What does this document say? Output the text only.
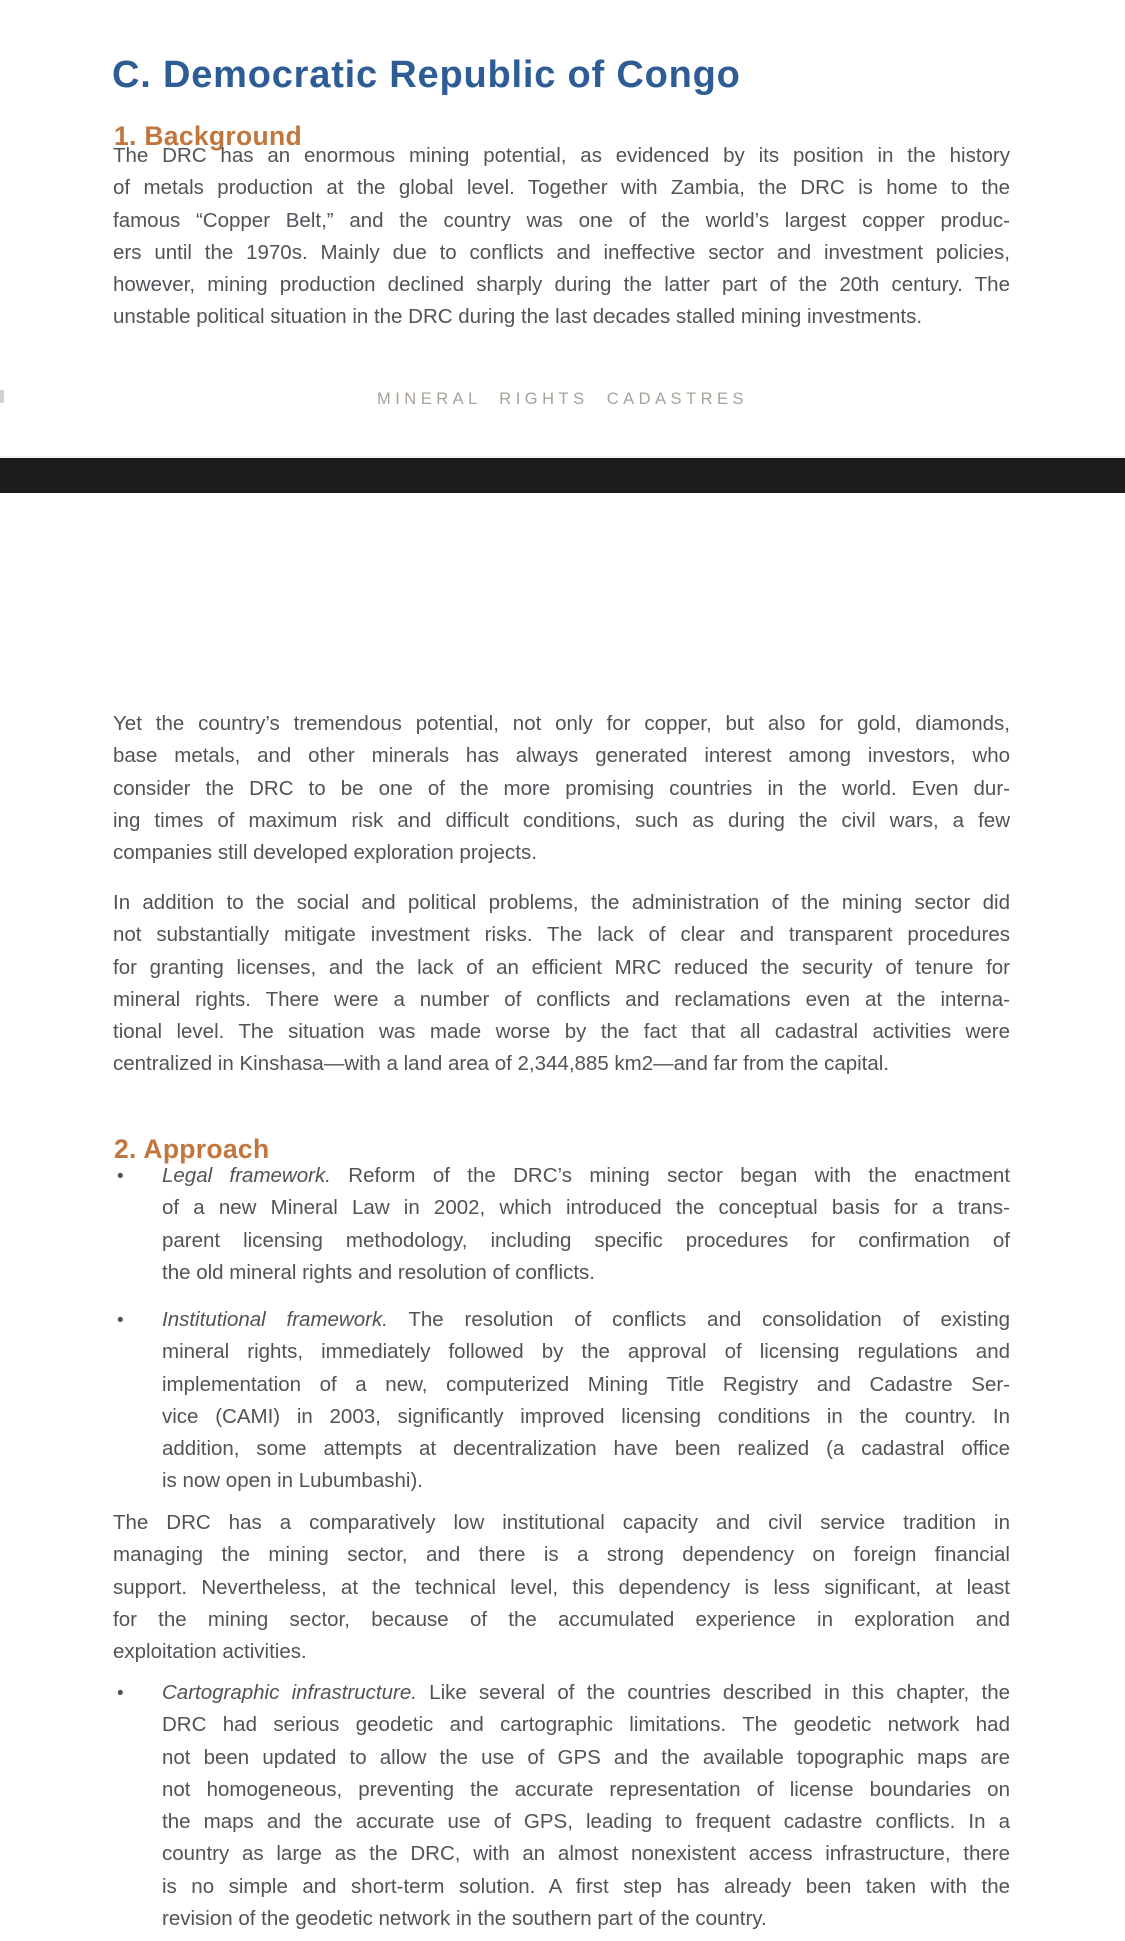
C. Democratic Republic of Congo
1. Background
The DRC has an enormous mining potential, as evidenced by its position in the history
of metals production at the global level. Together with Zambia, the DRC is home to the
famous “Copper Belt,” and the country was one of the world’s largest copper produc-
ers until the 1970s. Mainly due to conflicts and ineffective sector and investment policies,
however, mining production declined sharply during the latter part of the 20th century. The
unstable political situation in the DRC during the last decades stalled mining investments.
MINERAL RIGHTS CADASTRES
Yet the country’s tremendous potential, not only for copper, but also for gold, diamonds,
base metals, and other minerals has always generated interest among investors, who
consider the DRC to be one of the more promising countries in the world. Even dur-
ing times of maximum risk and difficult conditions, such as during the civil wars, a few
companies still developed exploration projects.
In addition to the social and political problems, the administration of the mining sector did
not substantially mitigate investment risks. The lack of clear and transparent procedures
for granting licenses, and the lack of an efficient MRC reduced the security of tenure for
mineral rights. There were a number of conflicts and reclamations even at the interna-
tional level. The situation was made worse by the fact that all cadastral activities were
centralized in Kinshasa—with a land area of 2,344,885 km2—and far from the capital.
2. Approach
• Legal framework. Reform of the DRC’s mining sector began with the enactment
of a new Mineral Law in 2002, which introduced the conceptual basis for a trans-
parent licensing methodology, including specific procedures for confirmation of
the old mineral rights and resolution of conflicts.
• Institutional framework. The resolution of conflicts and consolidation of existing
mineral rights, immediately followed by the approval of licensing regulations and
implementation of a new, computerized Mining Title Registry and Cadastre Ser-
vice (CAMI) in 2003, significantly improved licensing conditions in the country. In
addition, some attempts at decentralization have been realized (a cadastral office
is now open in Lubumbashi).
The DRC has a comparatively low institutional capacity and civil service tradition in
managing the mining sector, and there is a strong dependency on foreign financial
support. Nevertheless, at the technical level, this dependency is less significant, at least
for the mining sector, because of the accumulated experience in exploration and
exploitation activities.
• Cartographic infrastructure. Like several of the countries described in this chapter, the
DRC had serious geodetic and cartographic limitations. The geodetic network had
not been updated to allow the use of GPS and the available topographic maps are
not homogeneous, preventing the accurate representation of license boundaries on
the maps and the accurate use of GPS, leading to frequent cadastre conflicts. In a
country as large as the DRC, with an almost nonexistent access infrastructure, there
is no simple and short-term solution. A first step has already been taken with the
revision of the geodetic network in the southern part of the country.
